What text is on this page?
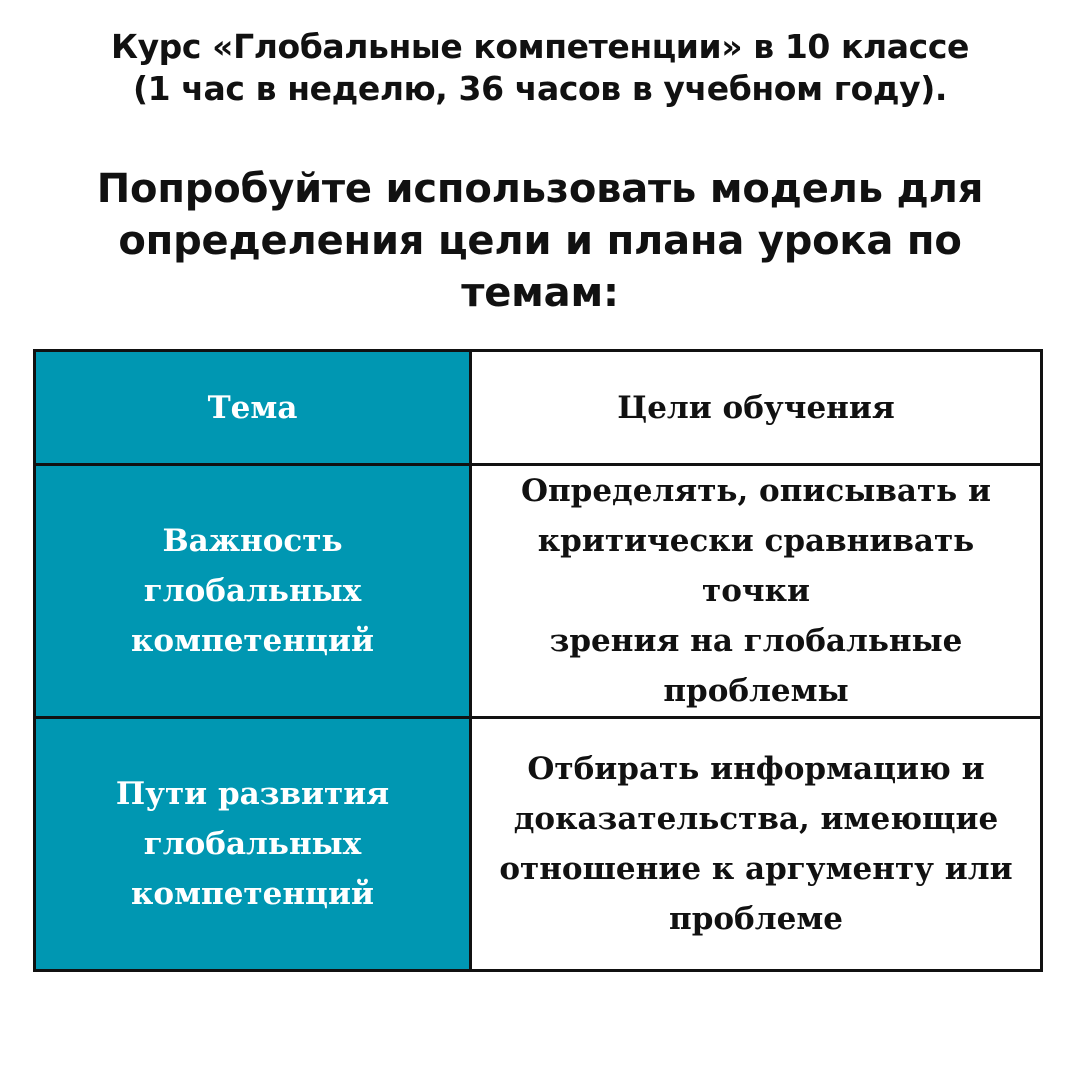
Курс «Глобальные компетенции» в 10 классе
(1 час в неделю, 36 часов в учебном году).
Попробуйте использовать модель для
определения цели и плана урока по
темам:
Тема	Цели обучения

Важность
глобальных
компетенций	Определять, описывать и
критически сравнивать точки
зрения на глобальные
проблемы

Пути развития
глобальных
компетенций	Отбирать информацию и
доказательства, имеющие
отношение к аргументу или
проблеме
